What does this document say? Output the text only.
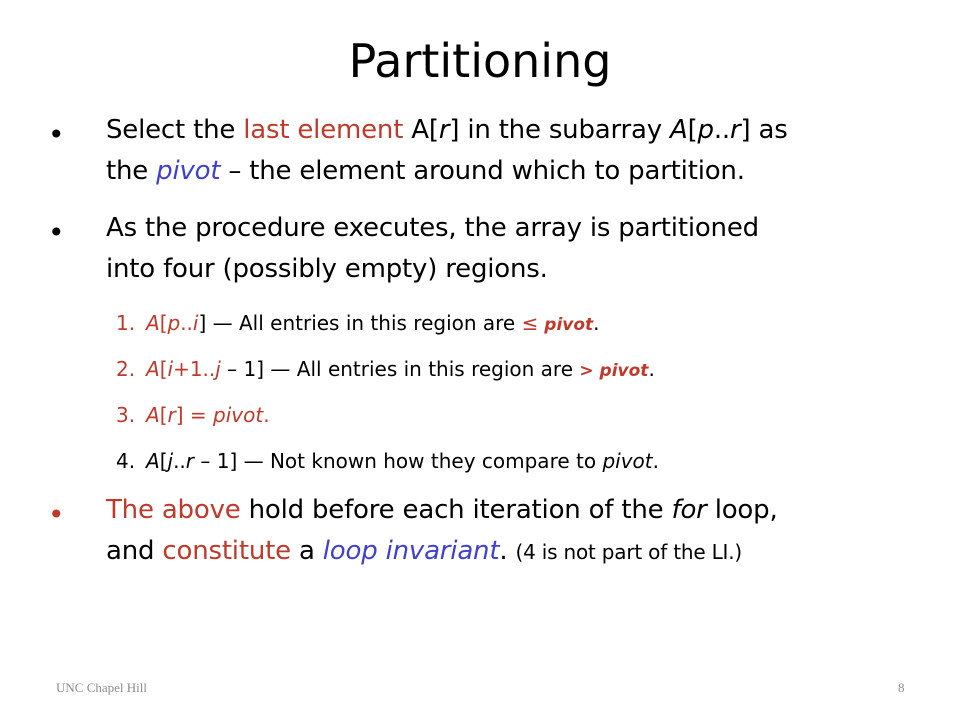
Partitioning
• Select the last element A[r] in the subarray A[p..r] as
the pivot – the element around which to partition.
• As the procedure executes, the array is partitioned
into four (possibly empty) regions.
1. A[p..i] — All entries in this region are ≤ pivot.
2. A[i+1..j – 1] — All entries in this region are > pivot.
3. A[r] = pivot.
4. A[j..r – 1] — Not known how they compare to pivot.
• The above hold before each iteration of the for loop,
and constitute a loop invariant. (4 is not part of the LI.)
UNC Chapel Hill	8
